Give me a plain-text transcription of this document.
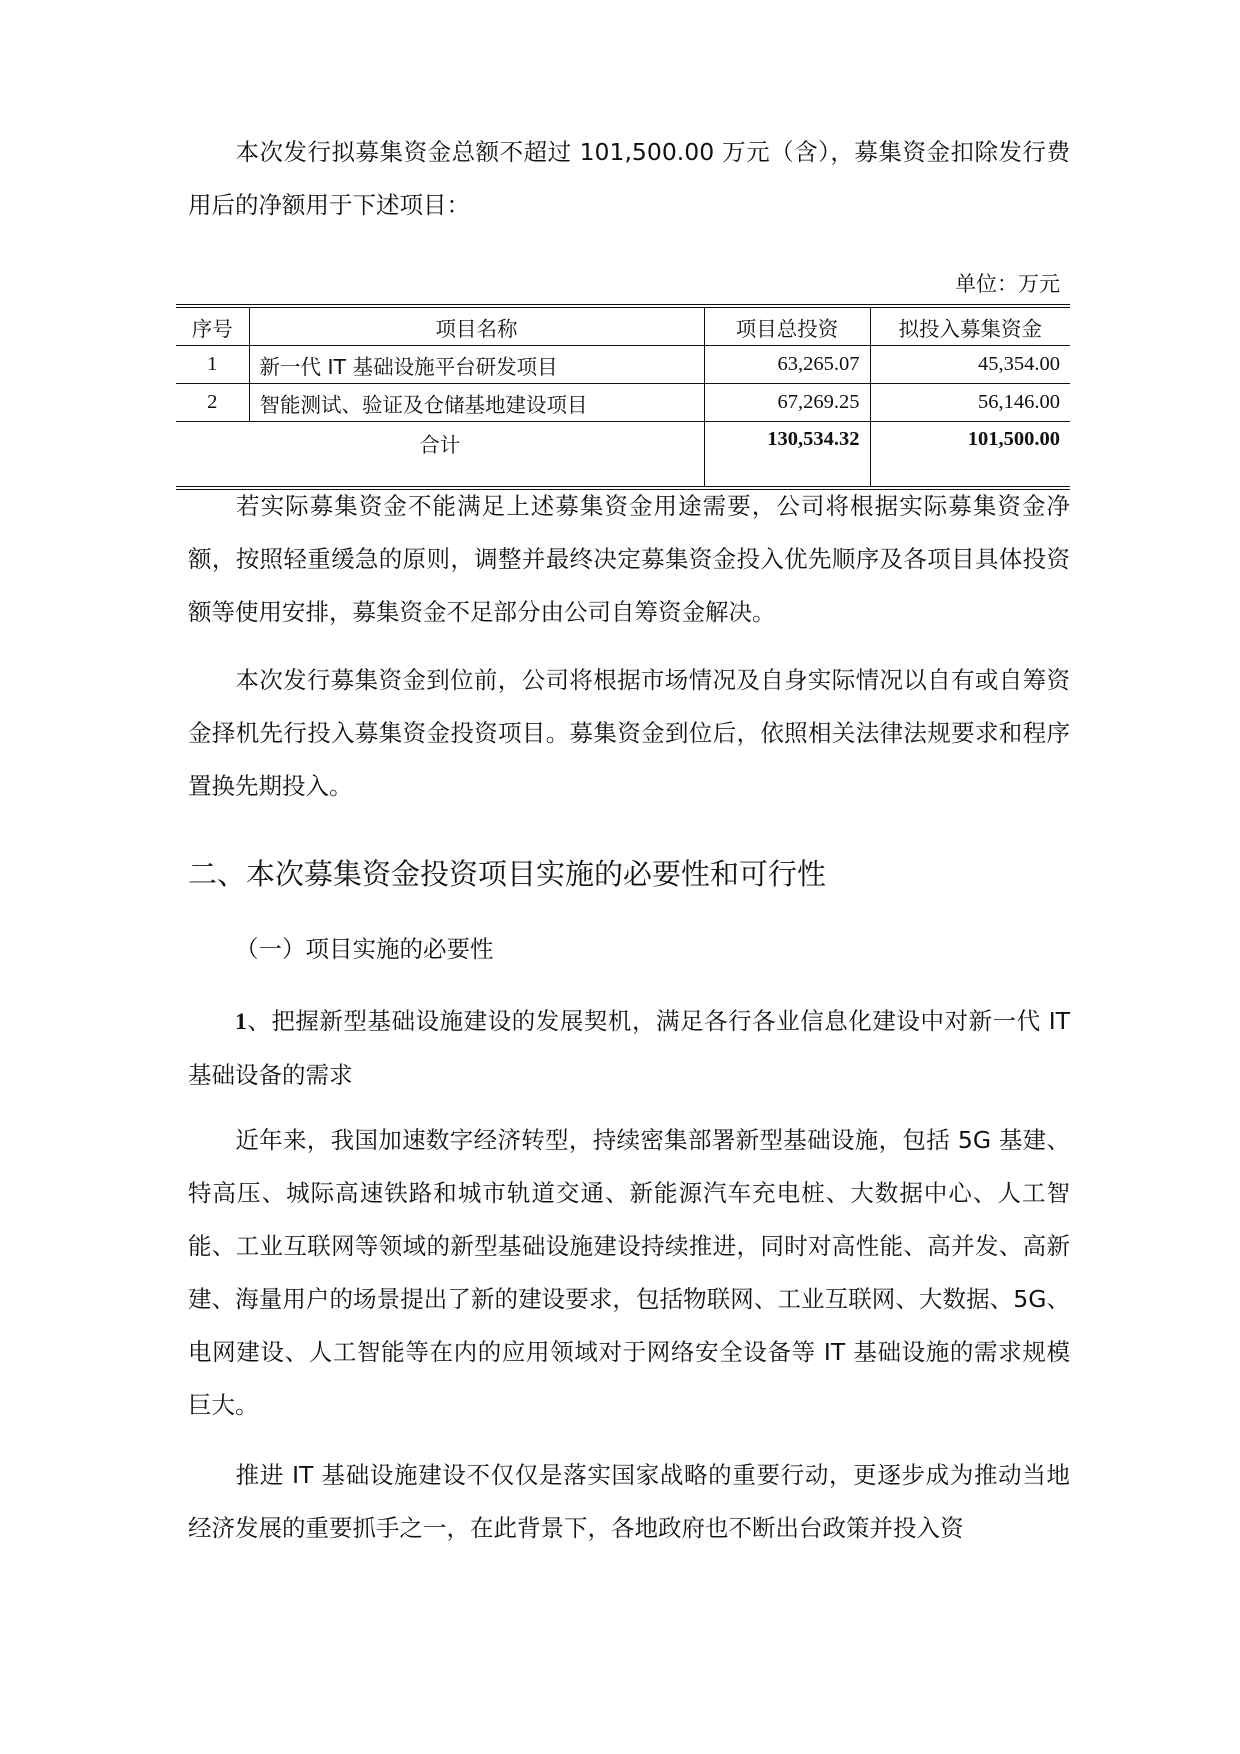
本次发行拟募集资金总额不超过 101,500.00 万元（含），募集资金扣除发行费用后的净额用于下述项目：
单位：万元
序号	项目名称	项目总投资	拟投入募集资金
1	新一代 IT 基础设施平台研发项目	63,265.07	45,354.00
2	智能测试、验证及仓储基地建设项目	67,269.25	56,146.00
合计		130,534.32	101,500.00
若实际募集资金不能满足上述募集资金用途需要，公司将根据实际募集资金净额，按照轻重缓急的原则，调整并最终决定募集资金投入优先顺序及各项目具体投资额等使用安排，募集资金不足部分由公司自筹资金解决。
本次发行募集资金到位前，公司将根据市场情况及自身实际情况以自有或自筹资金择机先行投入募集资金投资项目。募集资金到位后，依照相关法律法规要求和程序置换先期投入。
二、本次募集资金投资项目实施的必要性和可行性
（一）项目实施的必要性
1、把握新型基础设施建设的发展契机，满足各行各业信息化建设中对新一代 IT 基础设备的需求
近年来，我国加速数字经济转型，持续密集部署新型基础设施，包括 5G 基建、特高压、城际高速铁路和城市轨道交通、新能源汽车充电桩、大数据中心、人工智能、工业互联网等领域的新型基础设施建设持续推进，同时对高性能、高并发、高新建、海量用户的场景提出了新的建设要求，包括物联网、工业互联网、大数据、5G、电网建设、人工智能等在内的应用领域对于网络安全设备等 IT 基础设施的需求规模巨大。
推进 IT 基础设施建设不仅仅是落实国家战略的重要行动，更逐步成为推动当地经济发展的重要抓手之一，在此背景下，各地政府也不断出台政策并投入资
